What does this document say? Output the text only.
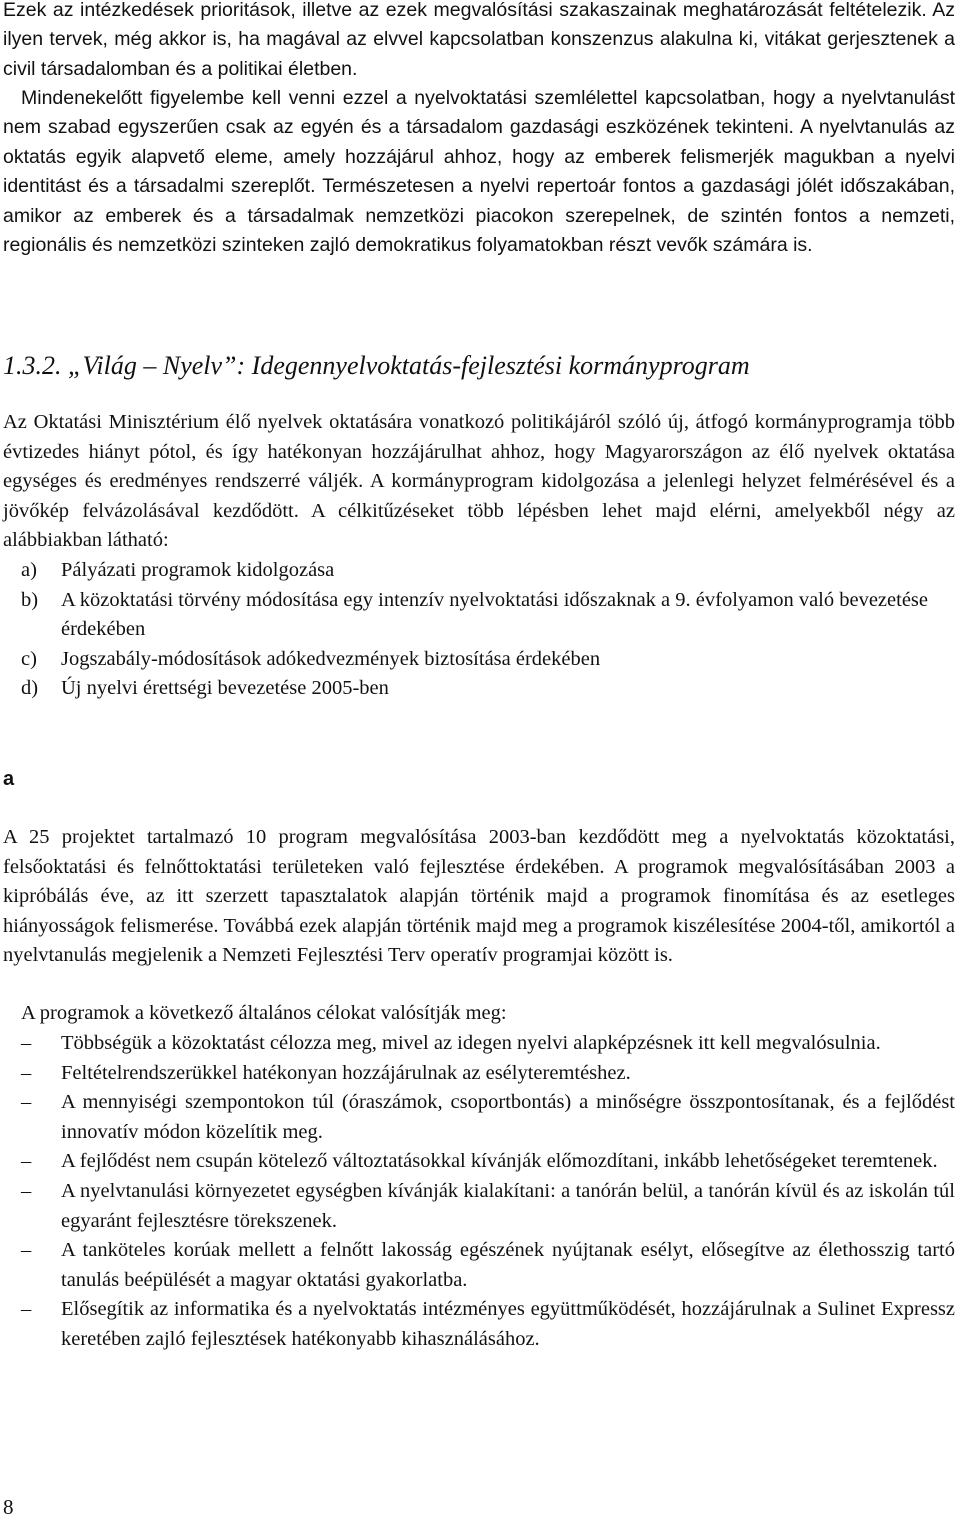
Ezek az intézkedések prioritások, illetve az ezek megvalósítási szakaszainak meghatározását feltételezik. Az ilyen tervek, még akkor is, ha magával az elvvel kapcsolatban konszenzus alakulna ki, vitákat gerjesztenek a civil társadalomban és a politikai életben.

Mindenekelőtt figyelembe kell venni ezzel a nyelvoktatási szemlélettel kapcsolatban, hogy a nyelvtanulást nem szabad egyszerűen csak az egyén és a társadalom gazdasági eszközének tekinteni. A nyelvtanulás az oktatás egyik alapvető eleme, amely hozzájárul ahhoz, hogy az emberek felismerjék magukban a nyelvi identitást és a társadalmi szereplőt. Természetesen a nyelvi repertoár fontos a gazdasági jólét időszakában, amikor az emberek és a társadalmak nemzetközi piacokon szerepelnek, de szintén fontos a nemzeti, regionális és nemzetközi szinteken zajló demokratikus folyamatokban részt vevők számára is.

1.3.2. „Világ – Nyelv”: Idegennyelvoktatás-fejlesztési kormányprogram

Az Oktatási Minisztérium élő nyelvek oktatására vonatkozó politikájáról szóló új, átfogó kormányprogramja több évtizedes hiányt pótol, és így hatékonyan hozzájárulhat ahhoz, hogy Magyarországon az élő nyelvek oktatása egységes és eredményes rendszerré váljék. A kormányprogram kidolgozása a jelenlegi helyzet felmérésével és a jövőkép felvázolásával kezdődött. A célkitűzéseket több lépésben lehet majd elérni, amelyekből négy az alábbiakban látható:

a) Pályázati programok kidolgozása
b) A közoktatási törvény módosítása egy intenzív nyelvoktatási időszaknak a 9. évfolyamon való bevezetése érdekében
c) Jogszabály-módosítások adókedvezmények biztosítása érdekében
d) Új nyelvi érettségi bevezetése 2005-ben

a

A 25 projektet tartalmazó 10 program megvalósítása 2003-ban kezdődött meg a nyelvoktatás közoktatási, felsőoktatási és felnőttoktatási területeken való fejlesztése érdekében. A programok megvalósításában 2003 a kipróbálás éve, az itt szerzett tapasztalatok alapján történik majd a programok finomítása és az esetleges hiányosságok felismerése. Továbbá ezek alapján történik majd meg a programok kiszélesítése 2004-től, amikortól a nyelvtanulás megjelenik a Nemzeti Fejlesztési Terv operatív programjai között is.

A programok a következő általános célokat valósítják meg:

– Többségük a közoktatást célozza meg, mivel az idegen nyelvi alapképzésnek itt kell megvalósulnia.
– Feltételrendszerükkel hatékonyan hozzájárulnak az esélyteremtéshez.
– A mennyiségi szempontokon túl (óraszámok, csoportbontás) a minőségre összpontosítanak, és a fejlődést innovatív módon közelítik meg.
– A fejlődést nem csupán kötelező változtatásokkal kívánják előmozdítani, inkább lehetőségeket teremtenek.
– A nyelvtanulási környezetet egységben kívánják kialakítani: a tanórán belül, a tanórán kívül és az iskolán túl egyaránt fejlesztésre törekszenek.
– A tanköteles korúak mellett a felnőtt lakosság egészének nyújtanak esélyt, elősegítve az élethosszig tartó tanulás beépülését a magyar oktatási gyakorlatba.
– Elősegítik az informatika és a nyelvoktatás intézményes együttműködését, hozzájárulnak a Sulinet Expressz keretében zajló fejlesztések hatékonyabb kihasználásához.

8
